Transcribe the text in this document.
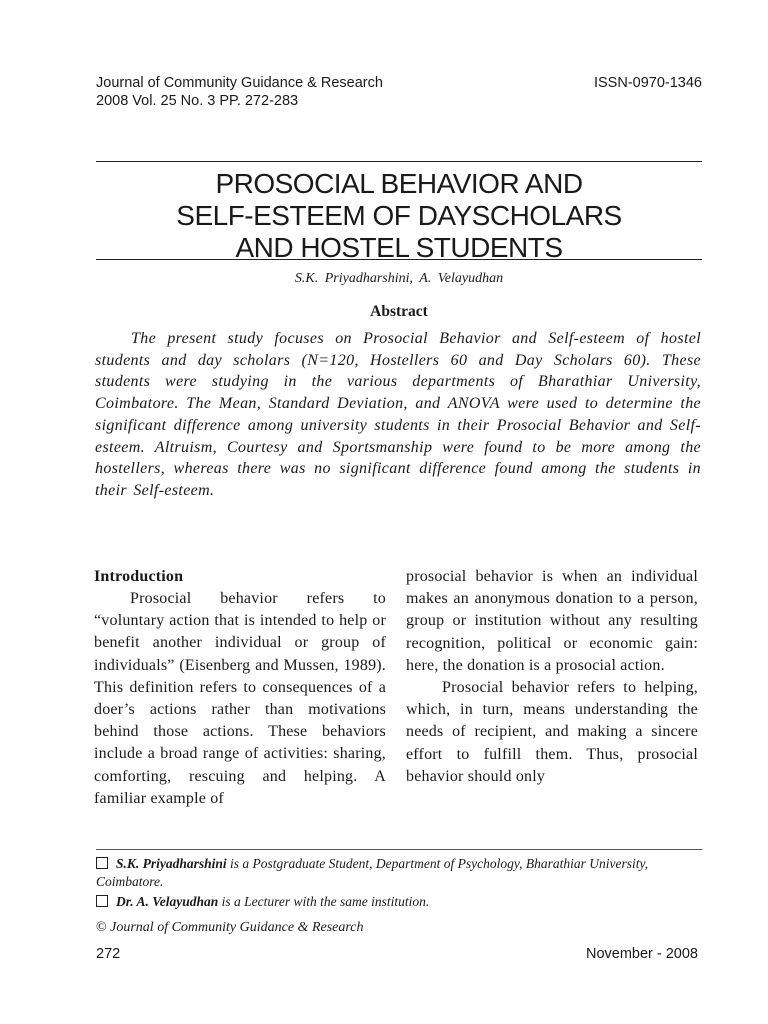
Journal of Community Guidance & Research
2008 Vol. 25 No. 3 PP. 272-283
ISSN-0970-1346
PROSOCIAL BEHAVIOR AND
SELF-ESTEEM OF DAYSCHOLARS
AND HOSTEL STUDENTS
S.K. Priyadharshini, A. Velayudhan
Abstract

The present study focuses on Prosocial Behavior and Self-esteem of hostel students and day scholars (N=120, Hostellers 60 and Day Scholars 60). These students were studying in the various departments of Bharathiar University, Coimbatore. The Mean, Standard Deviation, and ANOVA were used to determine the significant difference among university students in their Prosocial Behavior and Self-esteem. Altruism, Courtesy and Sportsmanship were found to be more among the hostellers, whereas there was no significant difference found among the students in their Self-esteem.

Introduction

Prosocial behavior refers to “voluntary action that is intended to help or benefit another individual or group of individuals” (Eisenberg and Mussen, 1989). This definition refers to consequences of a doer’s actions rather than motivations behind those actions. These behaviors include a broad range of activities: sharing, comforting, rescuing and helping. A familiar example of

prosocial behavior is when an individual makes an anonymous donation to a person, group or institution without any resulting recognition, political or economic gain: here, the donation is a prosocial action.

Prosocial behavior refers to helping, which, in turn, means understanding the needs of recipient, and making a sincere effort to fulfill them. Thus, prosocial behavior should only

S.K. Priyadharshini is a Postgraduate Student, Department of Psychology, Bharathiar University, Coimbatore.
Dr. A. Velayudhan is a Lecturer with the same institution.
© Journal of Community Guidance & Research
272	November - 2008
